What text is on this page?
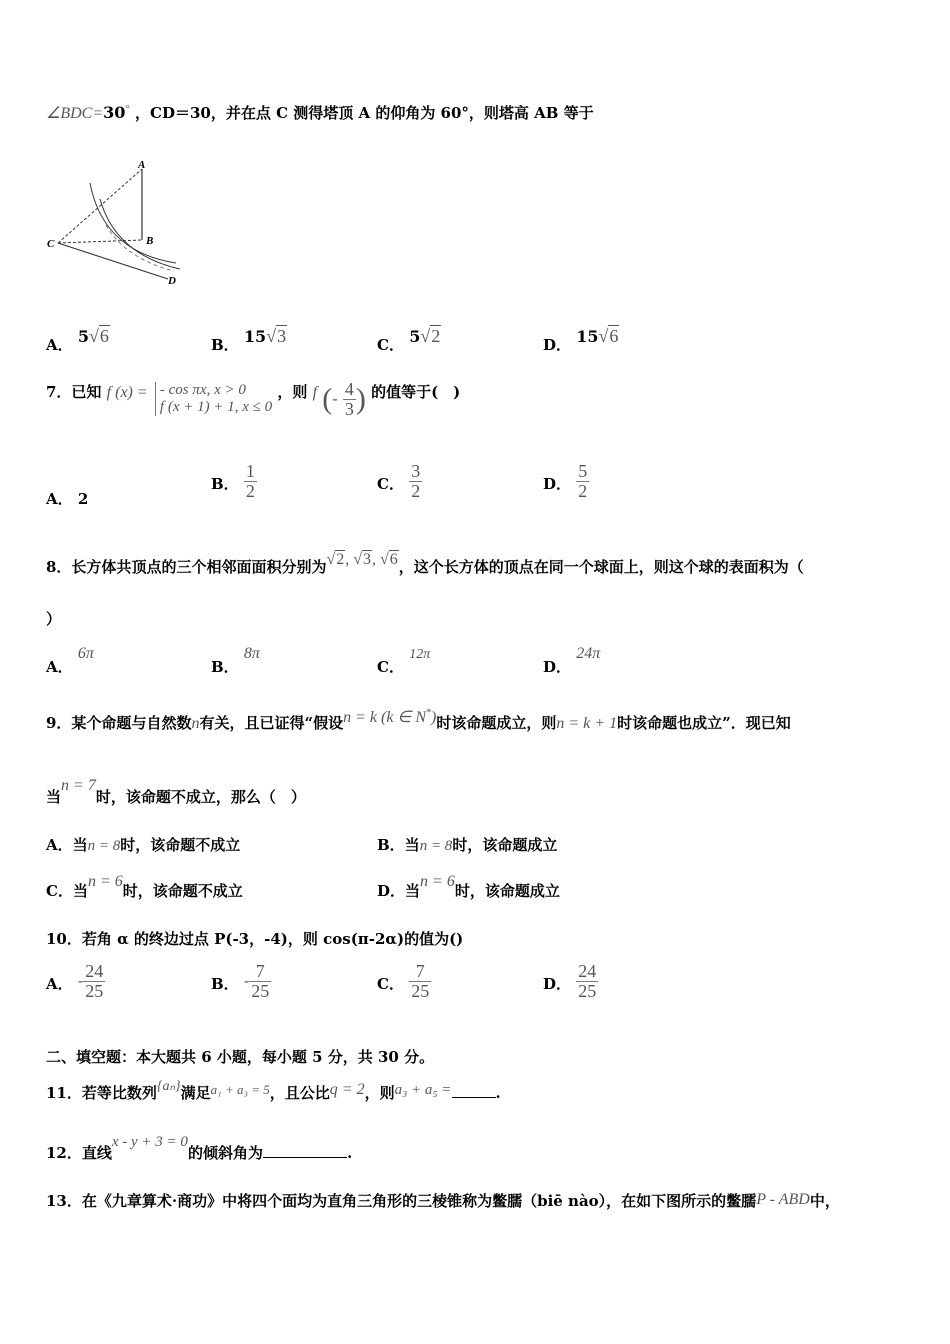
∠BDC=30° ，CD＝30，并在点 C 测得塔顶 A 的仰角为 60°，则塔高 AB 等于
A
B
C
D
A． 5√6	B． 15√3	C． 5√2	D． 15√6
7．已知 f (x) = - cos πx, x > 0
f (x + 1) + 1, x ≤ 0
，则 f (- $\frac{4}{3}$ ) 的值等于(　)
A． 2
B． $\frac{1}{2}$	C． $\frac{3}{2}$	D． $\frac{5}{2}$
8．长方体共顶点的三个相邻面面积分别为√2, √3, √6，这个长方体的顶点在同一个球面上，则这个球的表面积为（
）
A． 6π
B． 8π
C． 12π
D． 24π
9．某个命题与自然数n有关，且已证得“假设n = k (k ∈ N*)时该命题成立，则n = k + 1时该命题也成立”．现已知
当n = 7时，该命题不成立，那么（　）
A．当n = 8时，该命题不成立	B．当n = 8时，该命题成立
C．当n = 6时，该命题不成立	D．当n = 6时，该命题成立
10．若角 α 的终边过点 P(-3，-4)，则 cos(π-2α)的值为()
A． - $\frac{24}{25}$	B． - $\frac{7}{25}$	C． $\frac{7}{25}$	D． $\frac{24}{25}$
二、填空题：本大题共 6 小题，每小题 5 分，共 30 分。
11．若等比数列{aₙ}满足a₁ + a₃ = 5，且公比q = 2，则a₃ + a₅ =	.
12．直线x - y + 3 = 0的倾斜角为	.
13．在《九章算术·商功》中将四个面均为直角三角形的三棱锥称为鳖臑（biē nào），在如下图所示的鳖臑P - ABD中，
